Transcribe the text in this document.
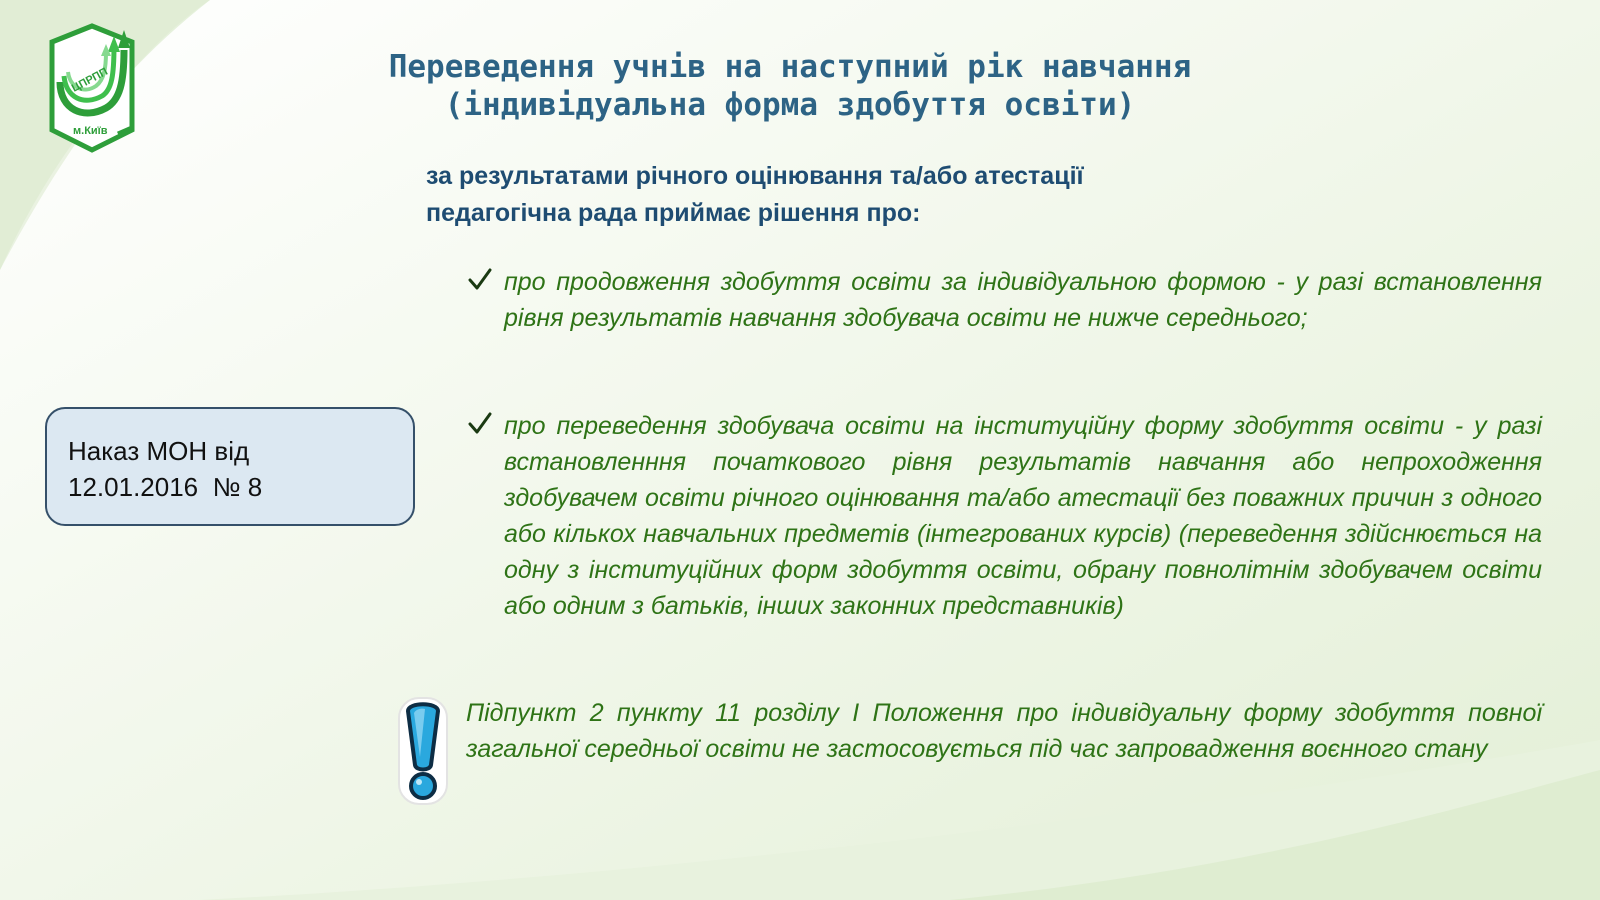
ЦПРПП
м.Київ
Переведення учнів на наступний рік навчання
(індивідуальна форма здобуття освіти)

за результатами річного оцінювання та/або атестації
педагогічна рада приймає рішення про:

про продовження здобуття освіти за індивідуальною формою - у разі встановлення рівня результатів навчання здобувача освіти не нижче середнього;

про переведення здобувача освіти на інституційну форму здобуття освіти - у разі встановленння початкового рівня результатів навчання або непроходження здобувачем освіти річного оцінювання та/або атестації без поважних причин з одного або кількох навчальних предметів (інтегрованих курсів) (переведення здійснюється на одну з інституційних форм здобуття освіти, обрану повнолітнім здобувачем освіти або одним з батьків, інших законних представників)

Наказ МОН від
12.01.2016  № 8

Підпункт 2 пункту 11 розділу І Положення про індивідуальну форму здобуття повної загальної середньої освіти не застосовується під час запровадження воєнного стану
